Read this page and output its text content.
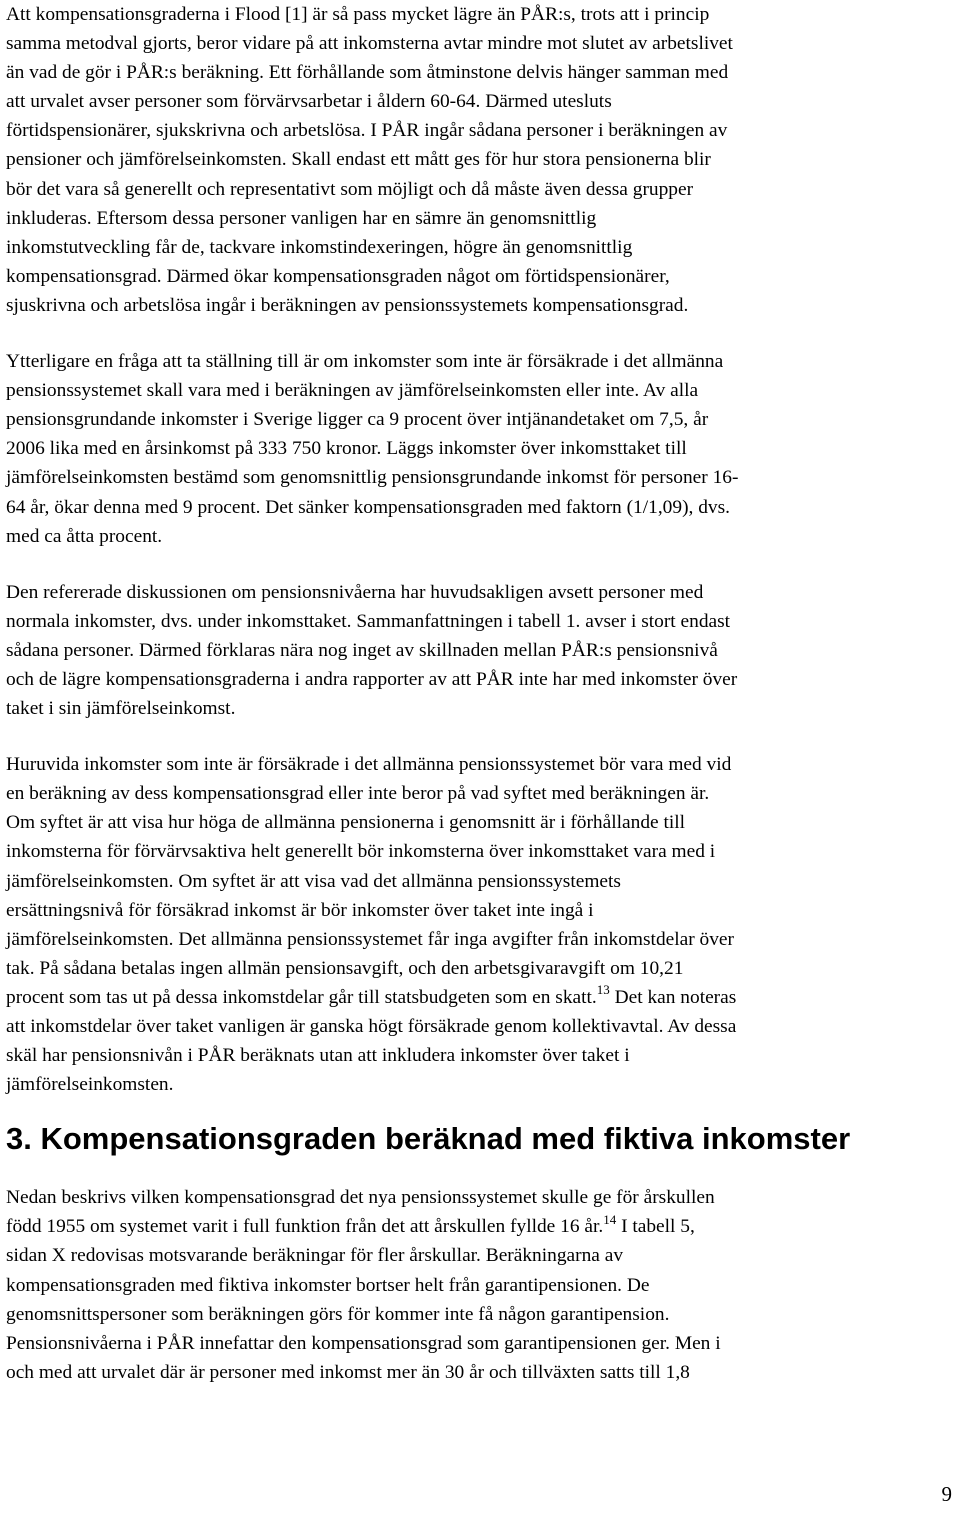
Att kompensationsgraderna i Flood [1] är så pass mycket lägre än PÅR:s, trots att i princip
samma metodval gjorts, beror vidare på att inkomsterna avtar mindre mot slutet av arbetslivet
än vad de gör i PÅR:s beräkning. Ett förhållande som åtminstone delvis hänger samman med
att urvalet avser personer som förvärvsarbetar i åldern 60-64. Därmed utesluts
förtidspensionärer, sjukskrivna och arbetslösa. I PÅR ingår sådana personer i beräkningen av
pensioner och jämförelseinkomsten. Skall endast ett mått ges för hur stora pensionerna blir
bör det vara så generellt och representativt som möjligt och då måste även dessa grupper
inkluderas. Eftersom dessa personer vanligen har en sämre än genomsnittlig
inkomstutveckling får de, tackvare inkomstindexeringen, högre än genomsnittlig
kompensationsgrad. Därmed ökar kompensationsgraden något om förtidspensionärer,
sjuskrivna och arbetslösa ingår i beräkningen av pensionssystemets kompensationsgrad.

Ytterligare en fråga att ta ställning till är om inkomster som inte är försäkrade i det allmänna
pensionssystemet skall vara med i beräkningen av jämförelseinkomsten eller inte. Av alla
pensionsgrundande inkomster i Sverige ligger ca 9 procent över intjänandetaket om 7,5, år
2006 lika med en årsinkomst på 333 750 kronor. Läggs inkomster över inkomsttaket till
jämförelseinkomsten bestämd som genomsnittlig pensionsgrundande inkomst för personer 16-
64 år, ökar denna med 9 procent. Det sänker kompensationsgraden med faktorn (1/1,09), dvs.
med ca åtta procent.

Den refererade diskussionen om pensionsnivåerna har huvudsakligen avsett personer med
normala inkomster, dvs. under inkomsttaket. Sammanfattningen i tabell 1. avser i stort endast
sådana personer. Därmed förklaras nära nog inget av skillnaden mellan PÅR:s pensionsnivå
och de lägre kompensationsgraderna i andra rapporter av att PÅR inte har med inkomster över
taket i sin jämförelseinkomst.

Huruvida inkomster som inte är försäkrade i det allmänna pensionssystemet bör vara med vid
en beräkning av dess kompensationsgrad eller inte beror på vad syftet med beräkningen är.
Om syftet är att visa hur höga de allmänna pensionerna i genomsnitt är i förhållande till
inkomsterna för förvärvsaktiva helt generellt bör inkomsterna över inkomsttaket vara med i
jämförelseinkomsten. Om syftet är att visa vad det allmänna pensionssystemets
ersättningsnivå för försäkrad inkomst är bör inkomster över taket inte ingå i
jämförelseinkomsten. Det allmänna pensionssystemet får inga avgifter från inkomstdelar över
tak. På sådana betalas ingen allmän pensionsavgift, och den arbetsgivaravgift om 10,21
procent som tas ut på dessa inkomstdelar går till statsbudgeten som en skatt.$^{13}$ Det kan noteras
att inkomstdelar över taket vanligen är ganska högt försäkrade genom kollektivavtal. Av dessa
skäl har pensionsnivån i PÅR beräknats utan att inkludera inkomster över taket i
jämförelseinkomsten.

3. Kompensationsgraden beräknad med fiktiva inkomster

Nedan beskrivs vilken kompensationsgrad det nya pensionssystemet skulle ge för årskullen
född 1955 om systemet varit i full funktion från det att årskullen fyllde 16 år.$^{14}$ I tabell 5,
sidan X redovisas motsvarande beräkningar för fler årskullar. Beräkningarna av
kompensationsgraden med fiktiva inkomster bortser helt från garantipensionen. De
genomsnittspersoner som beräkningen görs för kommer inte få någon garantipension.
Pensionsnivåerna i PÅR innefattar den kompensationsgrad som garantipensionen ger. Men i
och med att urvalet där är personer med inkomst mer än 30 år och tillväxten satts till 1,8

9
